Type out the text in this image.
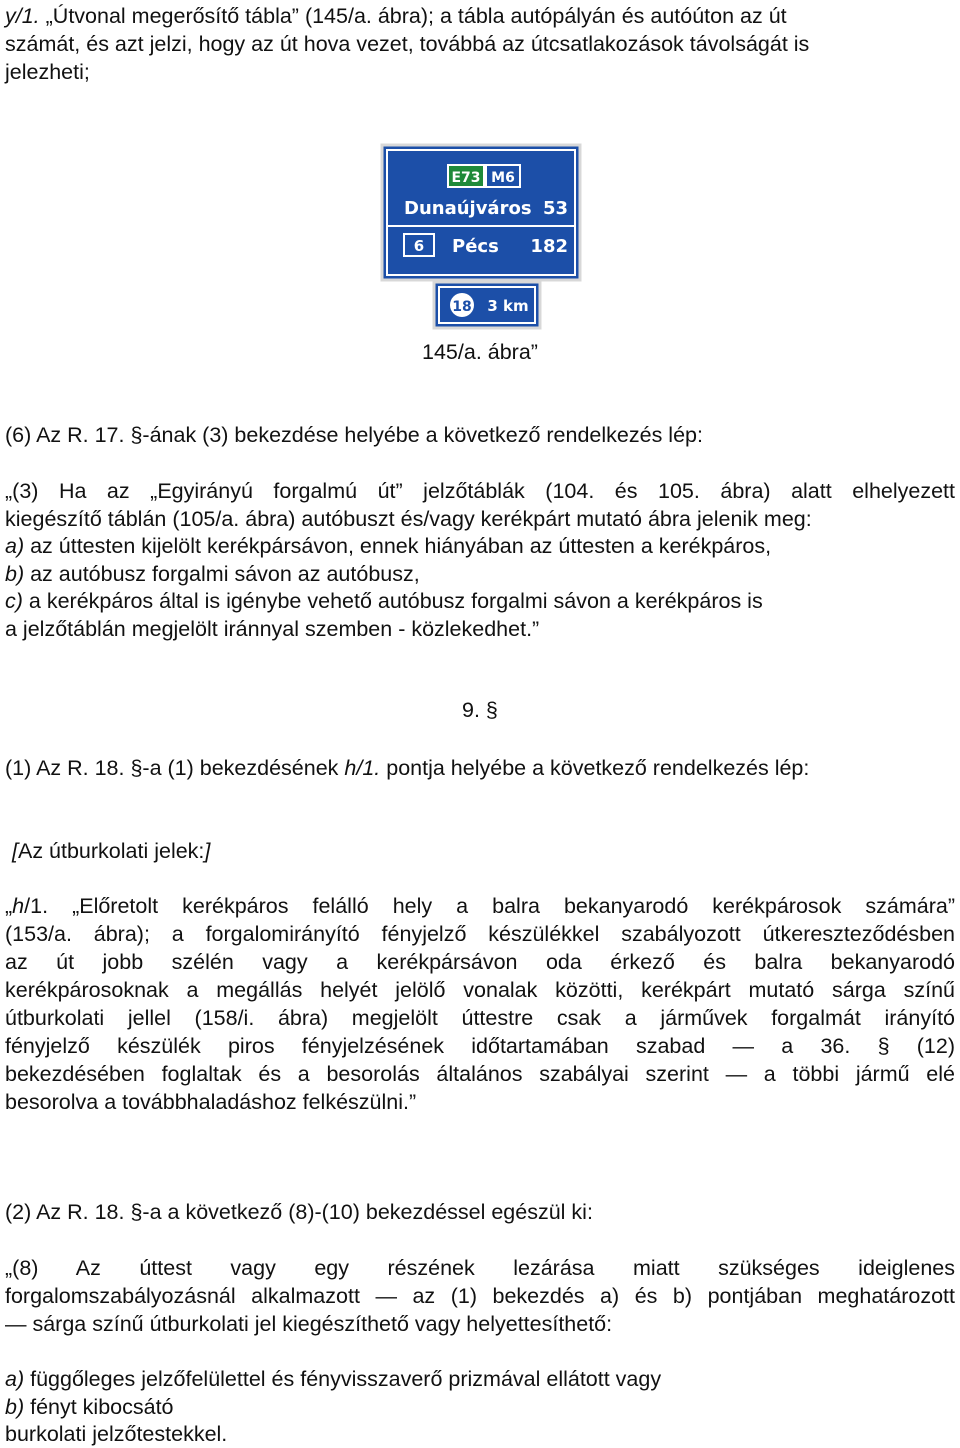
y/1. „Útvonal megerősítő tábla” (145/a. ábra); a tábla autópályán és autóúton az út
számát, és azt jelzi, hogy az út hova vezet, továbbá az útcsatlakozások távolságát is
jelezheti;
E73 M6
Dunaújváros 53
6 Pécs 182
18 3 km
145/a. ábra”
(6) Az R. 17. §-ának (3) bekezdése helyébe a következő rendelkezés lép:
„(3) Ha az „Egyirányú forgalmú út” jelzőtáblák (104. és 105. ábra) alatt elhelyezett
kiegészítő táblán (105/a. ábra) autóbuszt és/vagy kerékpárt mutató ábra jelenik meg:
a) az úttesten kijelölt kerékpársávon, ennek hiányában az úttesten a kerékpáros,
b) az autóbusz forgalmi sávon az autóbusz,
c) a kerékpáros által is igénybe vehető autóbusz forgalmi sávon a kerékpáros is
a jelzőtáblán megjelölt iránnyal szemben - közlekedhet.”
9. §
(1) Az R. 18. §-a (1) bekezdésének h/1. pontja helyébe a következő rendelkezés lép:
[Az útburkolati jelek:]
„h/1. „Előretolt kerékpáros felálló hely a balra bekanyarodó kerékpárosok számára”
(153/a. ábra); a forgalomirányító fényjelző készülékkel szabályozott útkereszteződésben
az út jobb szélén vagy a kerékpársávon oda érkező és balra bekanyarodó
kerékpárosoknak a megállás helyét jelölő vonalak közötti, kerékpárt mutató sárga színű
útburkolati jellel (158/i. ábra) megjelölt úttestre csak a járművek forgalmát irányító
fényjelző készülék piros fényjelzésének időtartamában szabad — a 36. § (12)
bekezdésében foglaltak és a besorolás általános szabályai szerint — a többi jármű elé
besorolva a továbbhaladáshoz felkészülni.”
(2) Az R. 18. §-a a következő (8)-(10) bekezdéssel egészül ki:
„(8) Az úttest vagy egy részének lezárása miatt szükséges ideiglenes
forgalomszabályozásnál alkalmazott — az (1) bekezdés a) és b) pontjában meghatározott
— sárga színű útburkolati jel kiegészíthető vagy helyettesíthető:
a) függőleges jelzőfelülettel és fényvisszaverő prizmával ellátott vagy
b) fényt kibocsátó
burkolati jelzőtestekkel.
